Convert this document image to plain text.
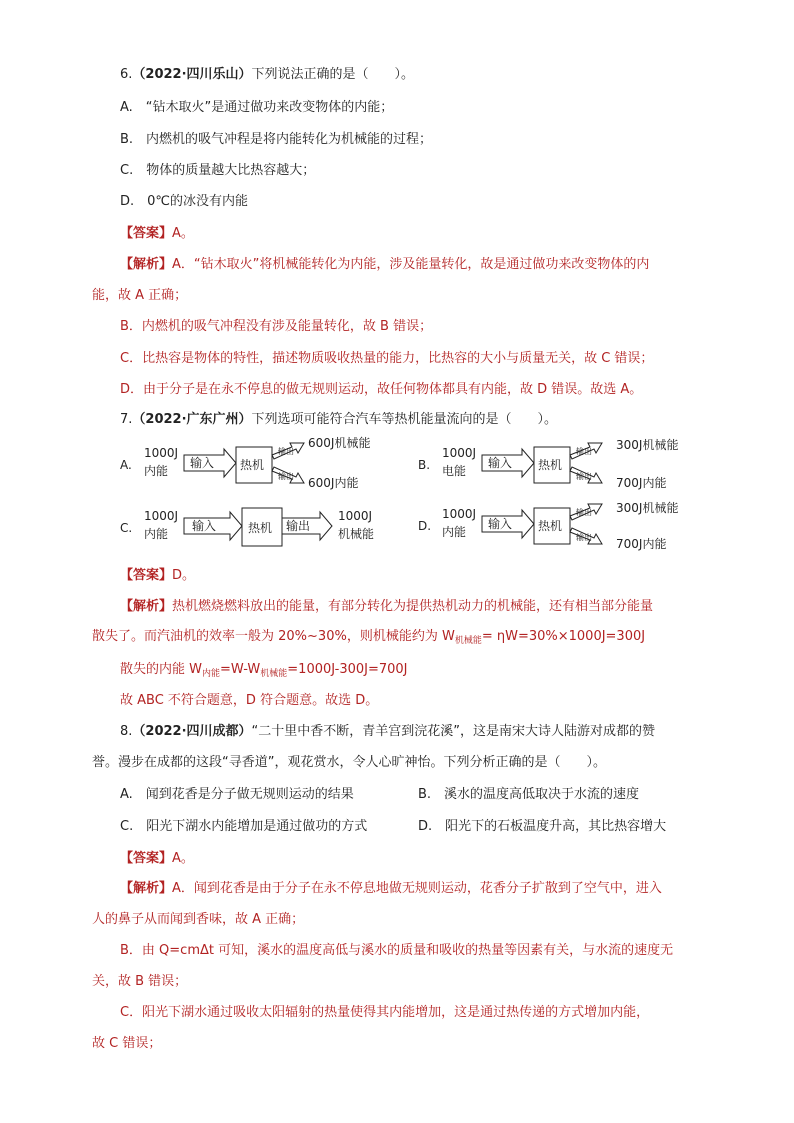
6.（2022·四川乐山）下列说法正确的是（　　）。
A.　“钻木取火”是通过做功来改变物体的内能；
B.　内燃机的吸气冲程是将内能转化为机械能的过程；
C.　物体的质量越大比热容越大；
D.　0℃的冰没有内能
【答案】A。
【解析】A．“钻木取火”将机械能转化为内能，涉及能量转化，故是通过做功来改变物体的内
能，故 A 正确；
B．内燃机的吸气冲程没有涉及能量转化，故 B 错误；
C．比热容是物体的特性，描述物质吸收热量的能力，比热容的大小与质量无关，故 C 错误；
D．由于分子是在永不停息的做无规则运动，故任何物体都具有内能，故 D 错误。故选 A。
7.（2022·广东广州）下列选项可能符合汽车等热机能量流向的是（　　）。
A.
1000J
内能
输入 热机
输出
输出
600J机械能
600J内能
B.
1000J
电能
输入 热机
输出
输出
300J机械能
700J内能
C.
1000J
内能
输入	热机 输出
1000J
机械能
D.
1000J
内能
输入 热机
输出
输出
300J机械能
700J内能
【答案】D。
【解析】热机燃烧燃料放出的能量，有部分转化为提供热机动力的机械能，还有相当部分能量
散失了。而汽油机的效率一般为 20%~30%，则机械能约为 $W_{机械能}= \eta W=30\%\times 1000J=300J$
散失的内能 $W_{内能}=W-W_{机械能}=1000J-300J=700J$
故 ABC 不符合题意，D 符合题意。故选 D。
8.（2022·四川成都）“二十里中香不断，青羊宫到浣花溪”，这是南宋大诗人陆游对成都的赞
誉。漫步在成都的这段“寻香道”，观花赏水，令人心旷神怡。下列分析正确的是（　　）。
A.　闻到花香是分子做无规则运动的结果	B.　溪水的温度高低取决于水流的速度
C.　阳光下湖水内能增加是通过做功的方式	D.　阳光下的石板温度升高，其比热容增大
【答案】A。
【解析】A．闻到花香是由于分子在永不停息地做无规则运动，花香分子扩散到了空气中，进入
人的鼻子从而闻到香味，故 A 正确；
B．由 Q=cmΔt 可知，溪水的温度高低与溪水的质量和吸收的热量等因素有关，与水流的速度无
关，故 B 错误；
C．阳光下湖水通过吸收太阳辐射的热量使得其内能增加，这是通过热传递的方式增加内能，
故 C 错误；
